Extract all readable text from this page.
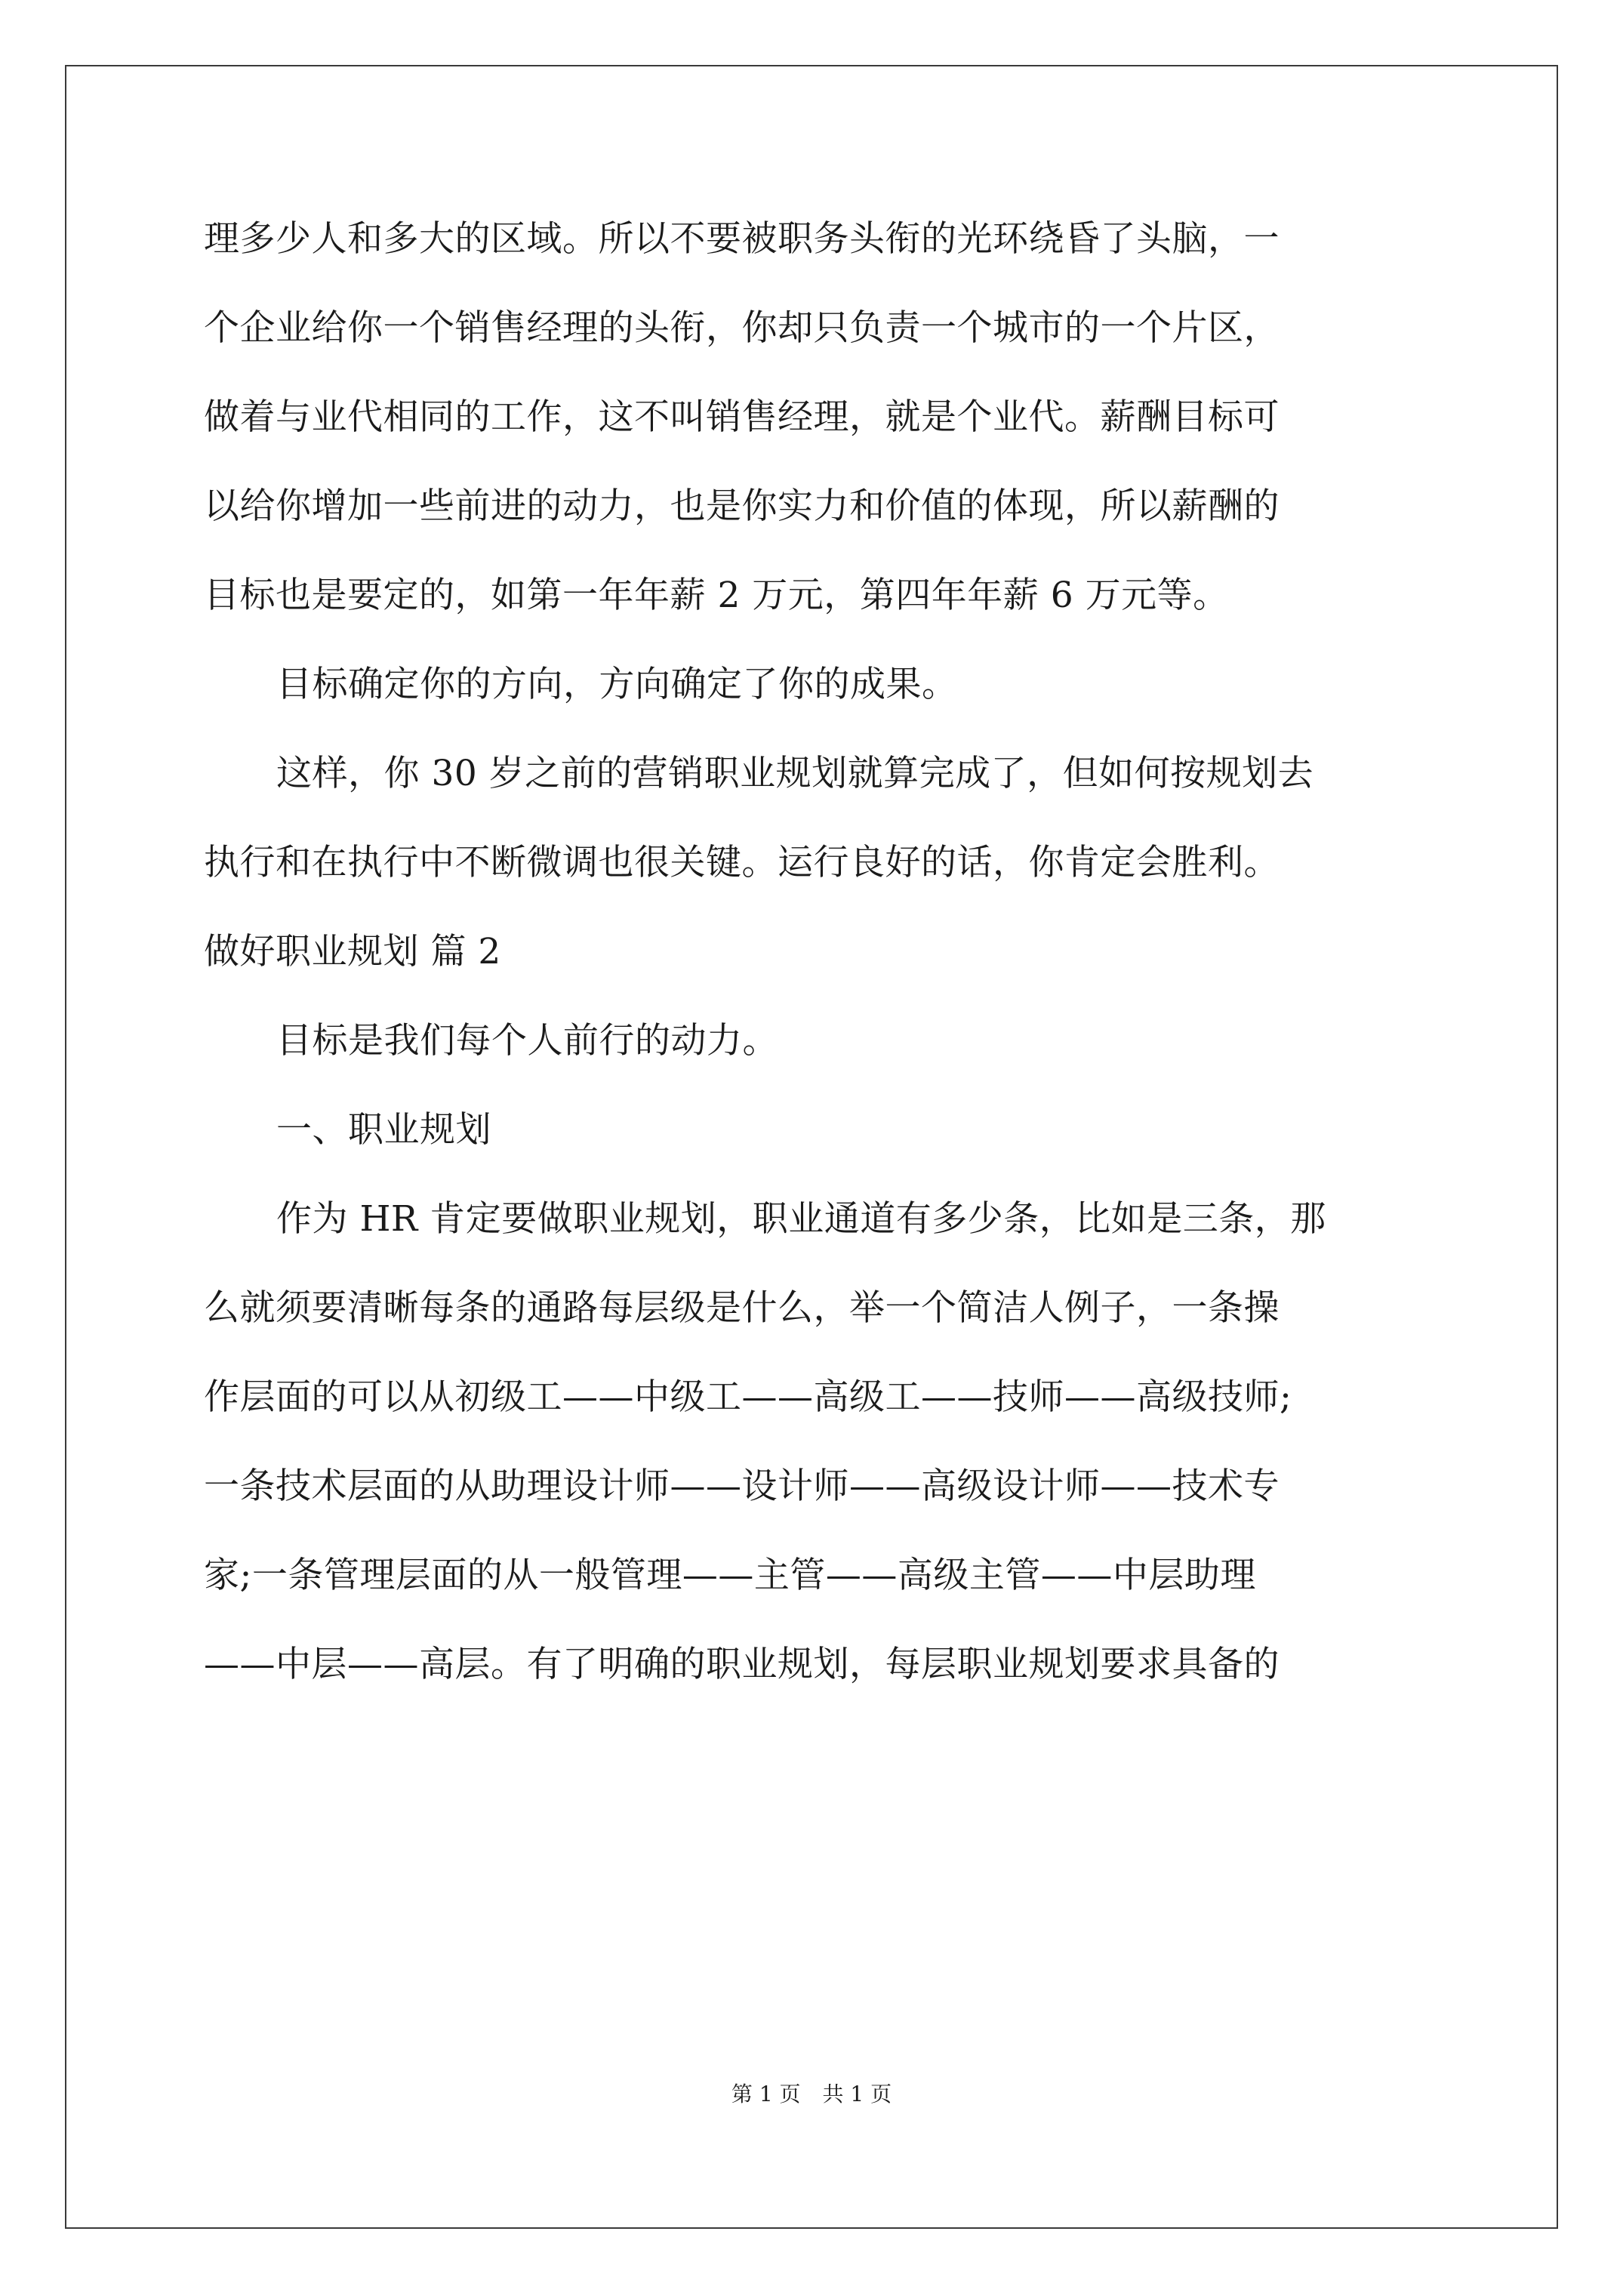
理多少人和多大的区域。所以不要被职务头衔的光环绕昏了头脑，一
个企业给你一个销售经理的头衔，你却只负责一个城市的一个片区，
做着与业代相同的工作，这不叫销售经理，就是个业代。薪酬目标可
以给你增加一些前进的动力，也是你实力和价值的体现，所以薪酬的
目标也是要定的，如第一年年薪 2 万元，第四年年薪 6 万元等。
目标确定你的方向，方向确定了你的成果。
这样，你 30 岁之前的营销职业规划就算完成了，但如何按规划去
执行和在执行中不断微调也很关键。运行良好的话，你肯定会胜利。
做好职业规划 篇 2
目标是我们每个人前行的动力。
一、职业规划
作为 HR 肯定要做职业规划，职业通道有多少条，比如是三条，那
么就须要清晰每条的通路每层级是什么，举一个简洁人例子，一条操
作层面的可以从初级工——中级工——高级工——技师——高级技师;
一条技术层面的从助理设计师——设计师——高级设计师——技术专
家;一条管理层面的从一般管理——主管——高级主管——中层助理
——中层——高层。有了明确的职业规划，每层职业规划要求具备的
第 1 页 共 1 页
